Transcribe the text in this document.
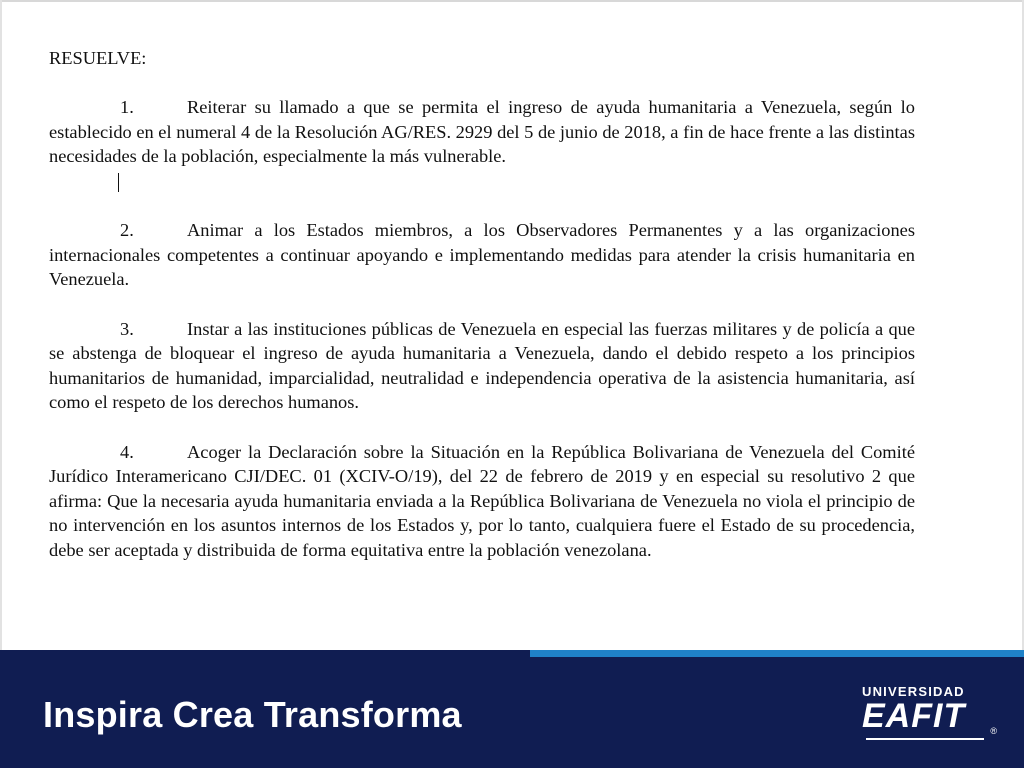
RESUELVE:

1.	Reiterar su llamado a que se permita el ingreso de ayuda humanitaria a Venezuela, según lo establecido en el numeral 4 de la Resolución AG/RES. 2929 del 5 de junio de 2018, a fin de hace frente a las distintas necesidades de la población, especialmente la más vulnerable.

2.	Animar a los Estados miembros, a los Observadores Permanentes y a las organizaciones internacionales competentes a continuar apoyando e implementando medidas para atender la crisis humanitaria en Venezuela.

3.	Instar a las instituciones públicas de Venezuela en especial las fuerzas militares y de policía a que se abstenga de bloquear el ingreso de ayuda humanitaria a Venezuela, dando el debido respeto a los principios humanitarios de humanidad, imparcialidad, neutralidad e independencia operativa de la asistencia humanitaria, así como el respeto de los derechos humanos.

4.	Acoger la Declaración sobre la Situación en la República Bolivariana de Venezuela del Comité Jurídico Interamericano CJI/DEC. 01 (XCIV-O/19), del 22 de febrero de 2019 y en especial su resolutivo 2 que afirma: Que la necesaria ayuda humanitaria enviada a la República Bolivariana de Venezuela no viola el principio de no intervención en los asuntos internos de los Estados y, por lo tanto, cualquiera fuere el Estado de su procedencia, debe ser aceptada y distribuida de forma equitativa entre la población venezolana.

Inspira Crea Transforma
UNIVERSIDAD
EAFIT	®
